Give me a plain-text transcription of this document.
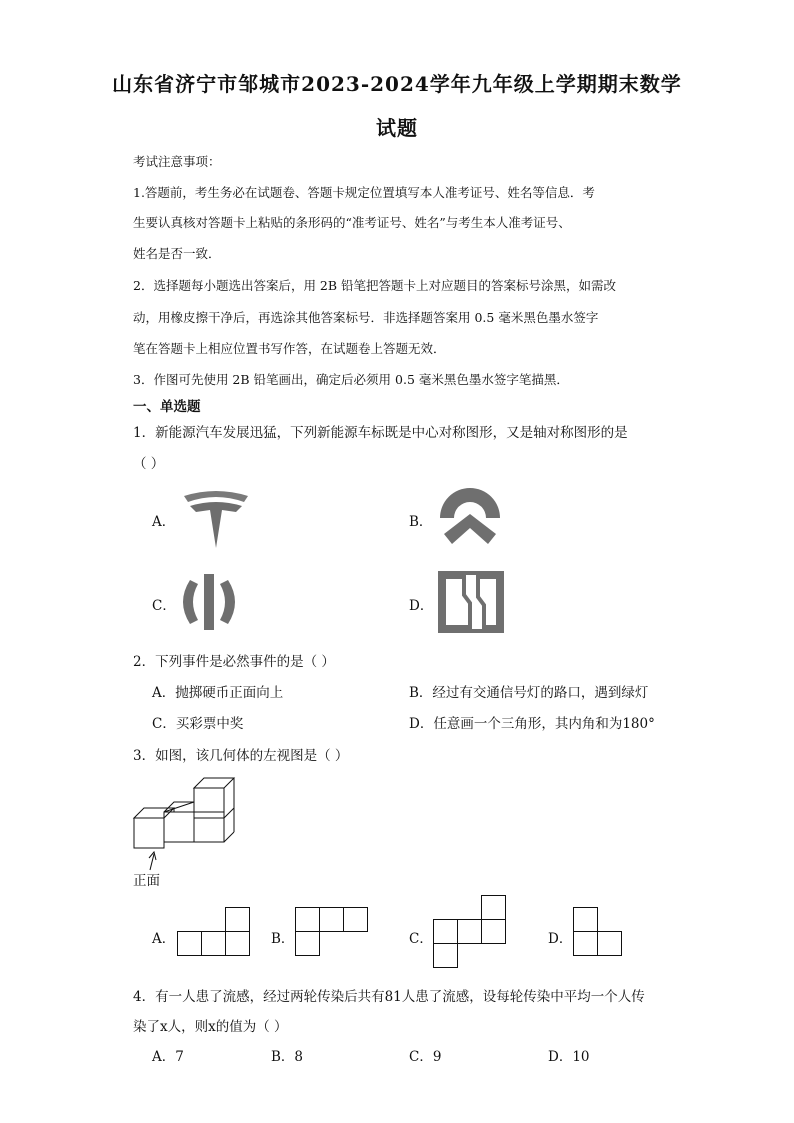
山东省济宁市邹城市2023-2024学年九年级上学期期末数学
试题
考试注意事项：
1.答题前，考生务必在试题卷、答题卡规定位置填写本人准考证号、姓名等信息．考
生要认真核对答题卡上粘贴的条形码的“准考证号、姓名”与考生本人准考证号、
姓名是否一致．
2．选择题每小题选出答案后，用 2B 铅笔把答题卡上对应题目的答案标号涂黑，如需改
动，用橡皮擦干净后，再选涂其他答案标号．非选择题答案用 0.5 毫米黑色墨水签字
笔在答题卡上相应位置书写作答，在试题卷上答题无效．
3．作图可先使用 2B 铅笔画出，确定后必须用 0.5 毫米黑色墨水签字笔描黑．
一、单选题
1．新能源汽车发展迅猛，下列新能源车标既是中心对称图形，又是轴对称图形的是
（ ）
A．	B．
C．	D．
2．下列事件是必然事件的是（ ）
A．抛掷硬币正面向上	B．经过有交通信号灯的路口，遇到绿灯
C．买彩票中奖	D．任意画一个三角形，其内角和为180°
3．如图，该几何体的左视图是（ ）
正面
A．	B．	C．	D．
4．有一人患了流感，经过两轮传染后共有81人患了流感，设每轮传染中平均一个人传
染了x人，则x的值为（ ）
A．7	B．8	C．9	D．10
